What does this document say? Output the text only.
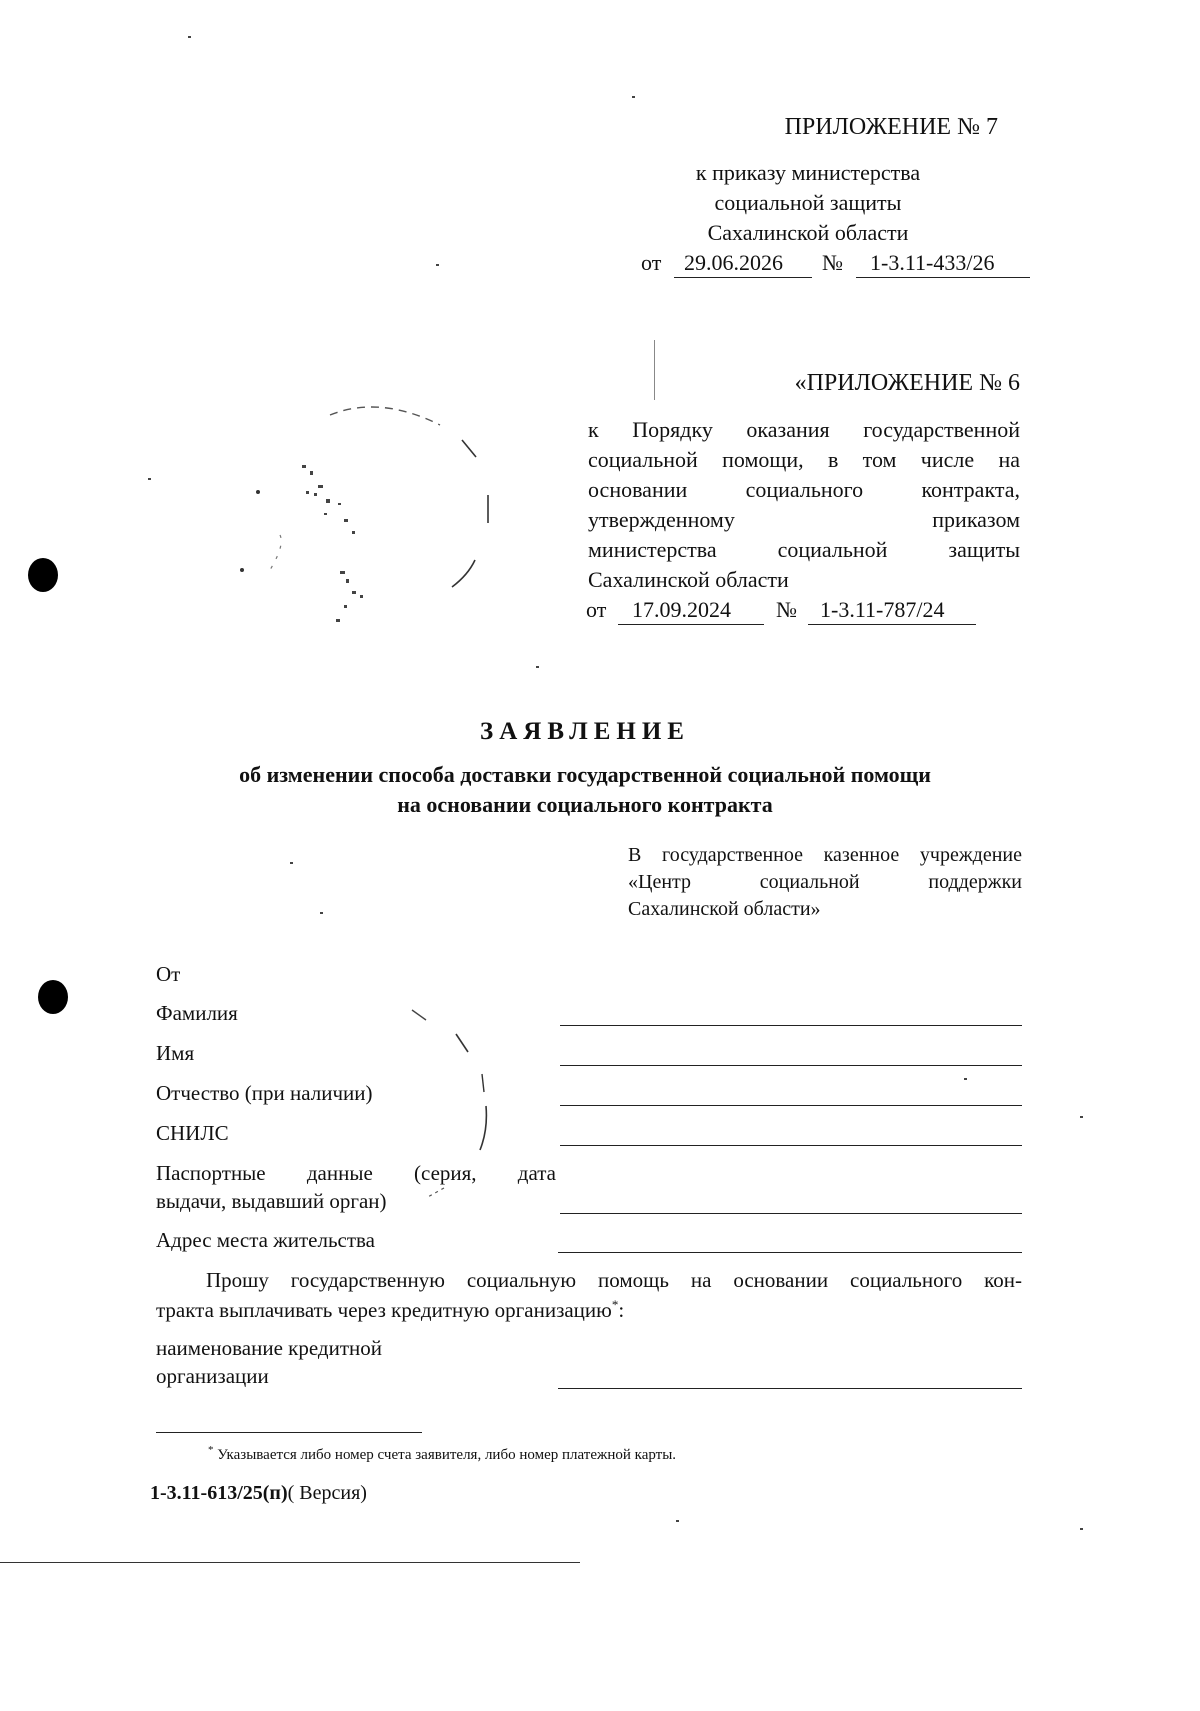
ПРИЛОЖЕНИЕ № 7
к приказу министерства
социальной защиты
Сахалинской области
от 29.06.2026 № 1-3.11-433/26
«ПРИЛОЖЕНИЕ № 6
к Порядку оказания государственной
социальной помощи, в том числе на
основании социального контракта,
утвержденному приказом
министерства социальной защиты
Сахалинской области
от 17.09.2024 № 1-3.11-787/24
ЗАЯВЛЕНИЕ
об изменении способа доставки государственной социальной помощи
на основании социального контракта
В государственное казенное учреждение
«Центр социальной поддержки
Сахалинской области»
От
Фамилия
Имя
Отчество (при наличии)
СНИЛС
Паспортные данные (серия, дата
выдачи, выдавший орган)
Адрес места жительства
Прошу государственную социальную помощь на основании социального кон-
тракта выплачивать через кредитную организацию*:
наименование кредитной
организации
* Указывается либо номер счета заявителя, либо номер платежной карты.
1-3.11-613/25(п)( Версия)
